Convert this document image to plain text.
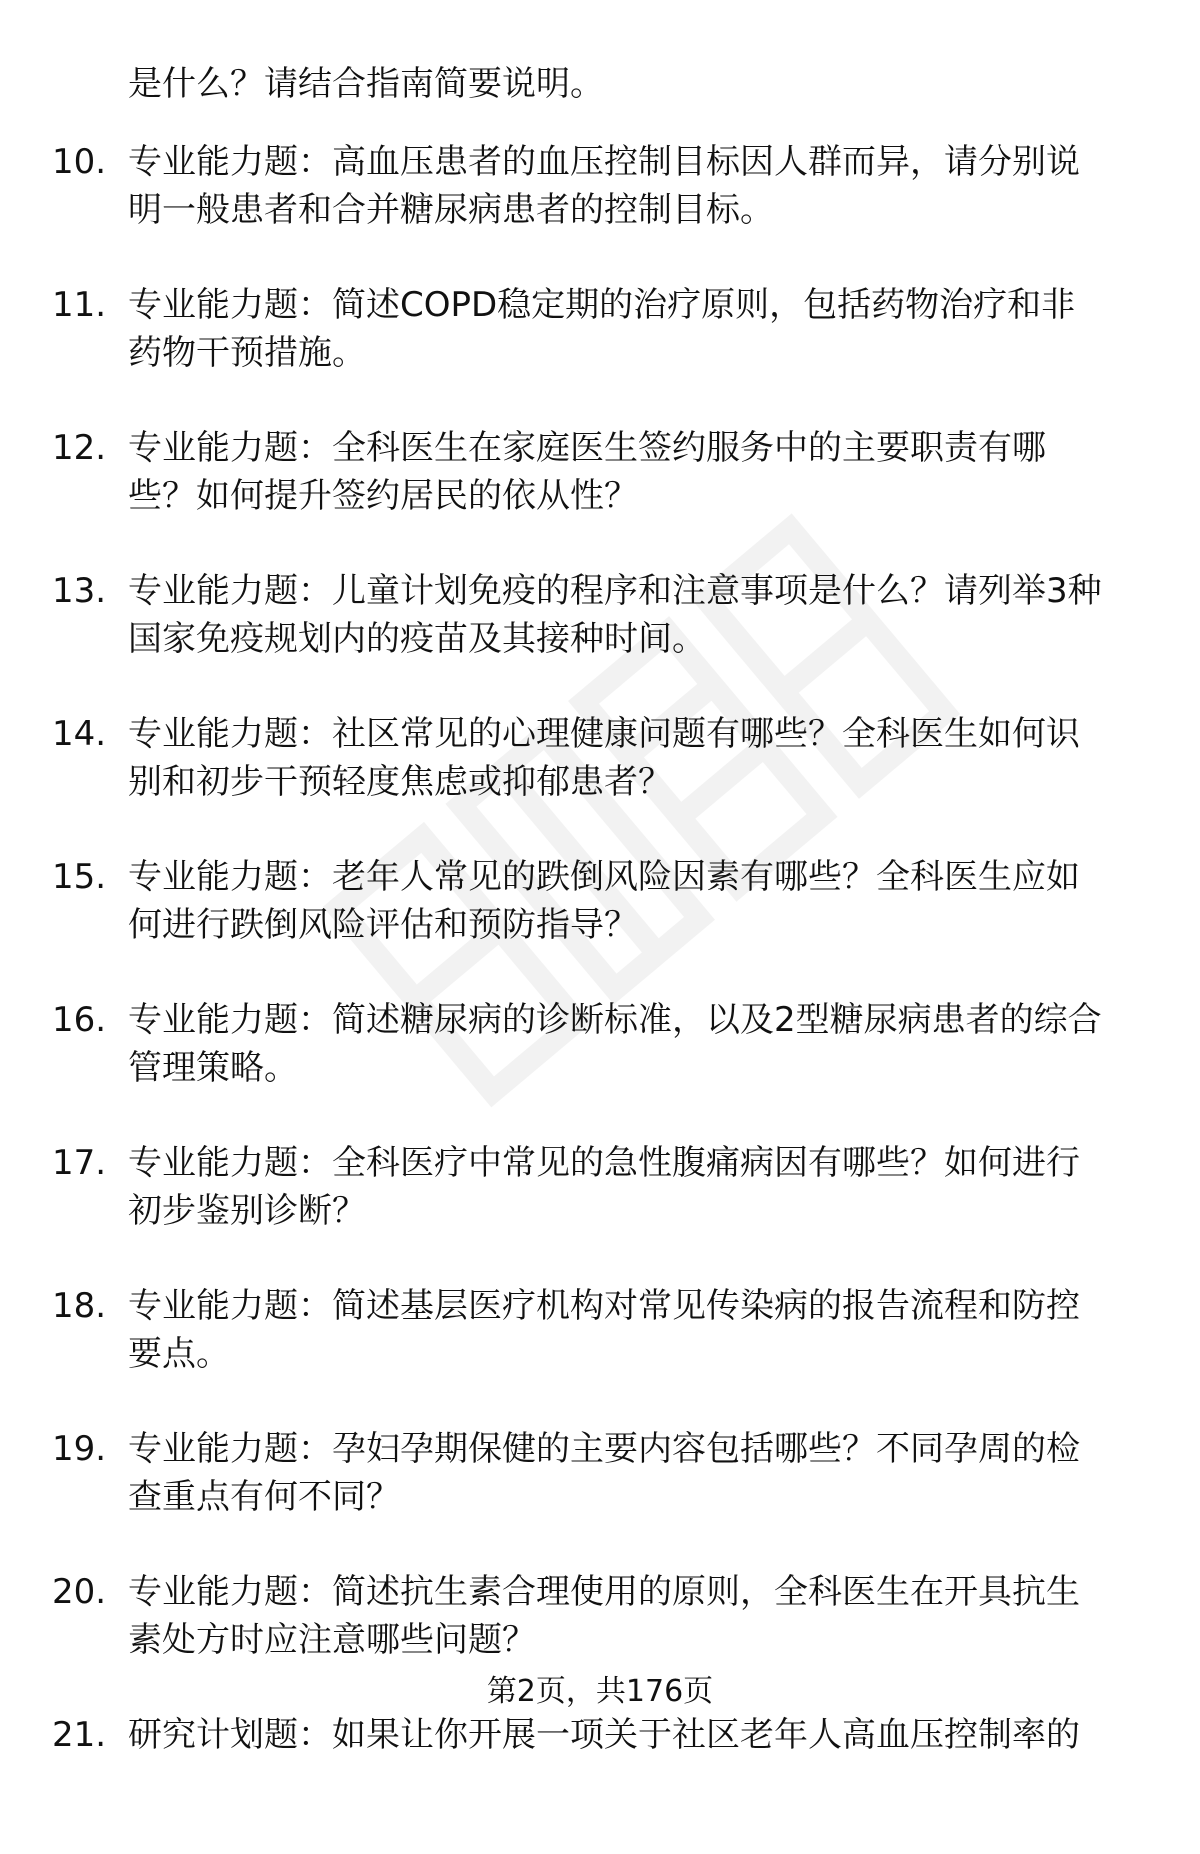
是什么？请结合指南简要说明。
10. 专业能力题：高血压患者的血压控制目标因人群而异，请分别说
明一般患者和合并糖尿病患者的控制目标。
11. 专业能力题：简述COPD稳定期的治疗原则，包括药物治疗和非
药物干预措施。
12. 专业能力题：全科医生在家庭医生签约服务中的主要职责有哪
些？如何提升签约居民的依从性？
13. 专业能力题：儿童计划免疫的程序和注意事项是什么？请列举3种
国家免疫规划内的疫苗及其接种时间。
14. 专业能力题：社区常见的心理健康问题有哪些？全科医生如何识
别和初步干预轻度焦虑或抑郁患者？
15. 专业能力题：老年人常见的跌倒风险因素有哪些？全科医生应如
何进行跌倒风险评估和预防指导？
16. 专业能力题：简述糖尿病的诊断标准，以及2型糖尿病患者的综合
管理策略。
17. 专业能力题：全科医疗中常见的急性腹痛病因有哪些？如何进行
初步鉴别诊断？
18. 专业能力题：简述基层医疗机构对常见传染病的报告流程和防控
要点。
19. 专业能力题：孕妇孕期保健的主要内容包括哪些？不同孕周的检
查重点有何不同？
20. 专业能力题：简述抗生素合理使用的原则，全科医生在开具抗生
素处方时应注意哪些问题？
21. 研究计划题：如果让你开展一项关于社区老年人高血压控制率的
第2页，共176页
